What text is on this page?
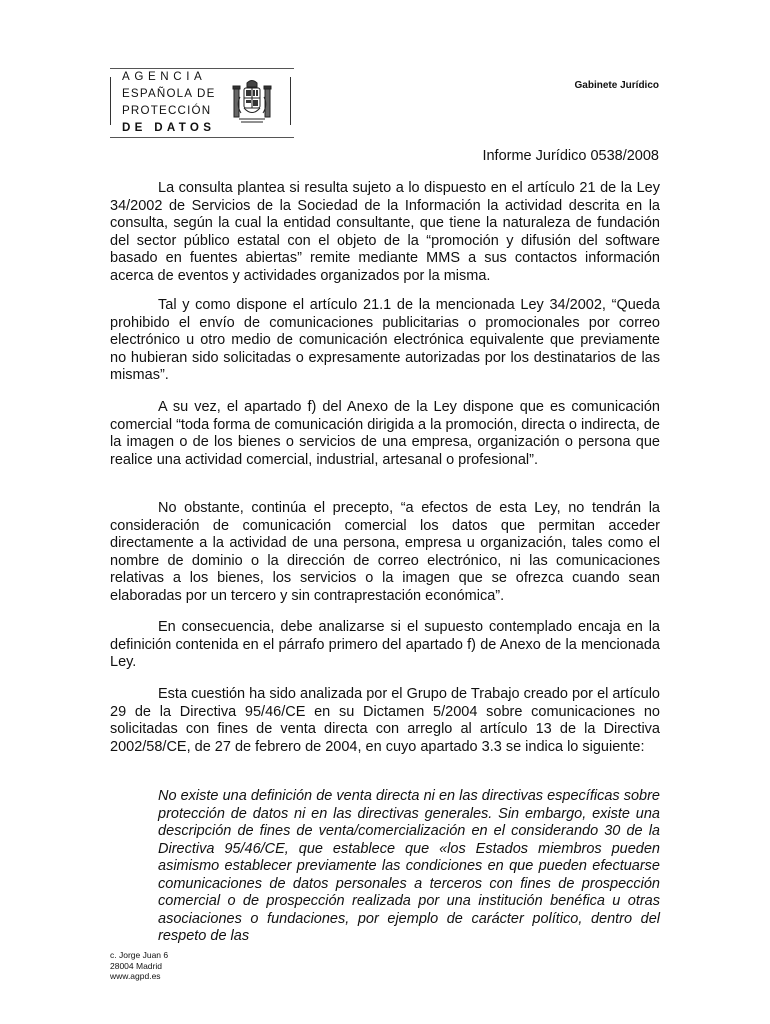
AGENCIA
ESPAÑOLA DE
PROTECCIÓN
DE DATOS
Gabinete Jurídico
Informe Jurídico 0538/2008

La consulta plantea si resulta sujeto a lo dispuesto en el artículo 21 de la Ley 34/2002 de Servicios de la Sociedad de la Información la actividad descrita en la consulta, según la cual la entidad consultante, que tiene la naturaleza de fundación del sector público estatal con el objeto de la “promoción y difusión del software basado en fuentes abiertas” remite mediante MMS a sus contactos información acerca de eventos y actividades organizados por la misma.

Tal y como dispone el artículo 21.1 de la mencionada Ley 34/2002, “Queda prohibido el envío de comunicaciones publicitarias o promocionales por correo electrónico u otro medio de comunicación electrónica equivalente que previamente no hubieran sido solicitadas o expresamente autorizadas por los destinatarios de las mismas”.

A su vez, el apartado f) del Anexo de la Ley dispone que es comunicación comercial “toda forma de comunicación dirigida a la promoción, directa o indirecta, de la imagen o de los bienes o servicios de una empresa, organización o persona que realice una actividad comercial, industrial, artesanal o profesional”.

No obstante, continúa el precepto, “a efectos de esta Ley, no tendrán la consideración de comunicación comercial los datos que permitan acceder directamente a la actividad de una persona, empresa u organización, tales como el nombre de dominio o la dirección de correo electrónico, ni las comunicaciones relativas a los bienes, los servicios o la imagen que se ofrezca cuando sean elaboradas por un tercero y sin contraprestación económica”.

En consecuencia, debe analizarse si el supuesto contemplado encaja en la definición contenida en el párrafo primero del apartado f) de Anexo de la mencionada Ley.

Esta cuestión ha sido analizada por el Grupo de Trabajo creado por el artículo 29 de la Directiva 95/46/CE en su Dictamen 5/2004 sobre comunicaciones no solicitadas con fines de venta directa con arreglo al artículo 13 de la Directiva 2002/58/CE, de 27 de febrero de 2004, en cuyo apartado 3.3 se indica lo siguiente:

No existe una definición de venta directa ni en las directivas específicas sobre protección de datos ni en las directivas generales. Sin embargo, existe una descripción de fines de venta/comercialización en el considerando 30 de la Directiva 95/46/CE, que establece que «los Estados miembros pueden asimismo establecer previamente las condiciones en que pueden efectuarse comunicaciones de datos personales a terceros con fines de prospección comercial o de prospección realizada por una institución benéfica u otras asociaciones o fundaciones, por ejemplo de carácter político, dentro del respeto de las

c. Jorge Juan 6
28004 Madrid
www.agpd.es
